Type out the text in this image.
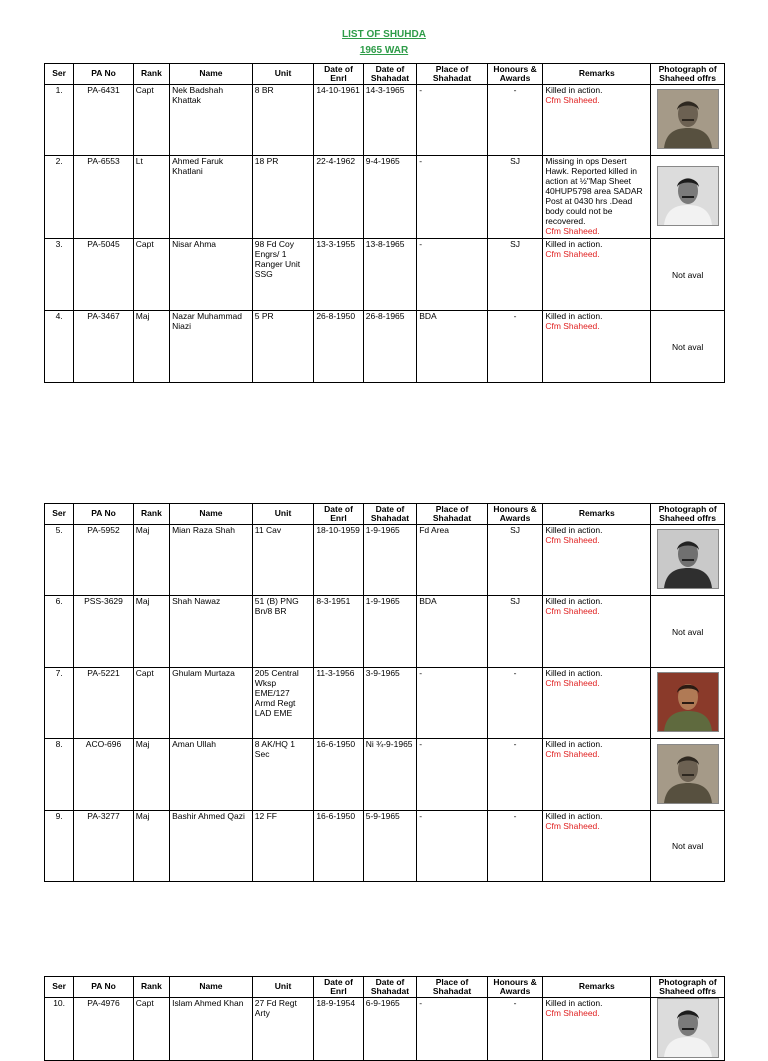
LIST OF SHUHDA
1965 WAR
Ser	PA No	Rank	Name	Unit	Date of Enrl	Date of Shahadat	Place of Shahadat	Honours & Awards	Remarks	Photograph of Shaheed offrs
1.	PA-6431	Capt	Nek Badshah Khattak	8 BR	14-10-1961	14-3-1965	-	-	Killed in action.
Cfm Shaheed.	

2.	PA-6553	Lt	Ahmed Faruk Khatlani	18 PR	22-4-1962	9-4-1965	-	SJ	Missing in ops Desert Hawk. Reported killed in action at ½"Map Sheet 40HUP5798 area SADAR Post at 0430 hrs .Dead body could not be recovered.
Cfm Shaheed.	

3.	PA-5045	Capt	Nisar Ahma	98 Fd Coy Engrs/ 1 Ranger Unit SSG	13-3-1955	13-8-1965	-	SJ	Killed in action.
Cfm Shaheed.	Not aval

4.	PA-3467	Maj	Nazar Muhammad Niazi	5 PR	26-8-1950	26-8-1965	BDA	-	Killed in action.
Cfm Shaheed.	Not aval
Ser	PA No	Rank	Name	Unit	Date of Enrl	Date of Shahadat	Place of Shahadat	Honours & Awards	Remarks	Photograph of Shaheed offrs
5.	PA-5952	Maj	Mian Raza Shah	11 Cav	18-10-1959	1-9-1965	Fd Area	SJ	Killed in action.
Cfm Shaheed.	

6.	PSS-3629	Maj	Shah Nawaz	51 (B) PNG Bn/8 BR	8-3-1951	1-9-1965	BDA	SJ	Killed in action.
Cfm Shaheed.	Not aval

7.	PA-5221	Capt	Ghulam Murtaza	205 Central Wksp EME/127 Armd Regt LAD EME	11-3-1956	3-9-1965	-	-	Killed in action.
Cfm Shaheed.	

8.	ACO-696	Maj	Aman Ullah	8 AK/HQ 1 Sec	16-6-1950	Ni ¾-9-1965	-	-	Killed in action.
Cfm Shaheed.	

9.	PA-3277	Maj	Bashir Ahmed Qazi	12 FF	16-6-1950	5-9-1965	-	-	Killed in action.
Cfm Shaheed.	Not aval
Ser	PA No	Rank	Name	Unit	Date of Enrl	Date of Shahadat	Place of Shahadat	Honours & Awards	Remarks	Photograph of Shaheed offrs
10.	PA-4976	Capt	Islam Ahmed Khan	27 Fd Regt Arty	18-9-1954	6-9-1965	-	-	Killed in action.
Cfm Shaheed.	
